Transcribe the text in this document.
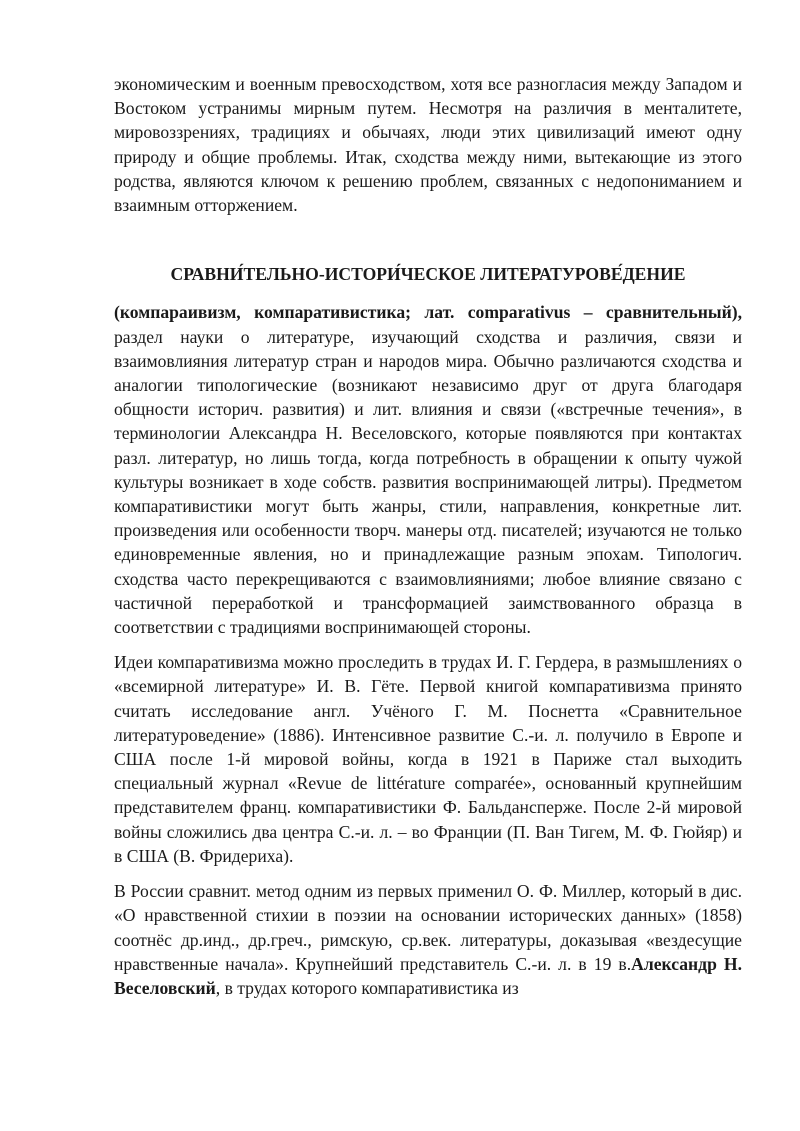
экономическим и военным превосходством, хотя все разногласия между Западом и Востоком устранимы мирным путем. Несмотря на различия в менталитете, мировоззрениях, традициях и обычаях, люди этих цивилизаций имеют одну природу и общие проблемы. Итак, сходства между ними, вытекающие из этого родства, являются ключом к решению проблем, связанных с недопониманием и взаимным отторжением.

СРАВНИ́ТЕЛЬНО-ИСТОРИ́ЧЕСКОЕ ЛИТЕРАТУРОВЕ́ДЕНИЕ

(компараивизм, компаративистика; лат. comparativus – сравнительный), раздел науки о литературе, изучающий сходства и различия, связи и взаимовлияния литератур стран и народов мира. Обычно различаются сходства и аналогии типологические (возникают независимо друг от друга благодаря общности историч. развития) и лит. влияния и связи («встречные течения», в терминологии Александра Н. Веселовского, которые появляются при контактах разл. литератур, но лишь тогда, когда потребность в обращении к опыту чужой культуры возникает в ходе собств. развития воспринимающей литры). Предметом компаративистики могут быть жанры, стили, направления, конкретные лит. произведения или особенности творч. манеры отд. писателей; изучаются не только единовременные явления, но и принадлежащие разным эпохам. Типологич. сходства часто перекрещиваются с взаимовлияниями; любое влияние связано с частичной переработкой и трансформацией заимствованного образца в соответствии с традициями воспринимающей стороны.

Идеи компаративизма можно проследить в трудах И. Г. Гердера, в размышлениях о «всемирной литературе» И. В. Гёте. Первой книгой компаративизма принято считать исследование англ. Учёного Г. М. Поснетта «Сравнительное литературоведение» (1886). Интенсивное развитие С.-и. л. получило в Европе и США после 1-й мировой войны, когда в 1921 в Париже стал выходить специальный журнал «Revue de littérature comparée», основанный крупнейшим представителем франц. компаративистики Ф. Бальдансперже. После 2-й мировой войны сложились два центра С.-и. л. – во Франции (П. Ван Тигем, М. Ф. Гюйяр) и в США (В. Фридериха).

В России сравнит. метод одним из первых применил О. Ф. Миллер, который в дис. «О нравственной стихии в поэзии на основании исторических данных» (1858) соотнёс др.инд., др.греч., римскую, ср.век. литературы, доказывая «вездесущие нравственные начала». Крупнейший представитель С.-и. л. в 19 в.Александр Н. Веселовский, в трудах которого компаративистика из
